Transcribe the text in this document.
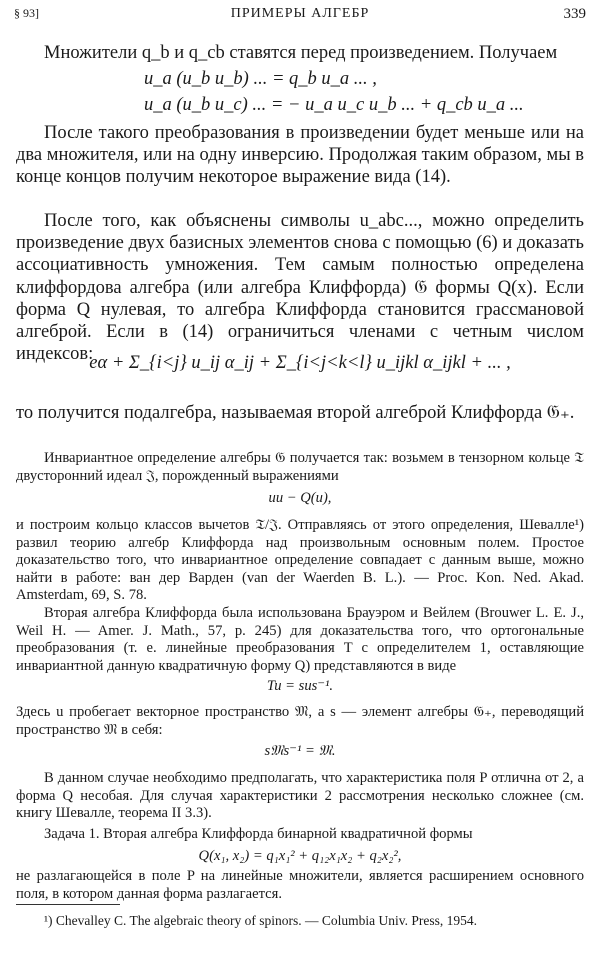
§ 93]	ПРИМЕРЫ АЛГЕБР	339

Множители q_b и q_cb ставятся перед произведением. Получаем

u_a (u_b u_b) ... = q_b u_a ... ,
u_a (u_b u_c) ... = − u_a u_c u_b ... + q_cb u_a ...

После такого преобразования в произведении будет меньше или на два множителя, или на одну инверсию. Продолжая таким образом, мы в конце концов получим некоторое выражение вида (14).

После того, как объяснены символы u_abc..., можно определить произведение двух базисных элементов снова с помощью (6) и доказать ассоциативность умножения. Тем самым полностью определена клиффордова алгебра (или алгебра Клиффорда) 𝔊 формы Q(x). Если форма Q нулевая, то алгебра Клиффорда становится грассмановой алгеброй. Если в (14) ограничиться членами с четным числом индексов:

eα + Σ_{i<j} u_ij α_ij + Σ_{i<j<k<l} u_ijkl α_ijkl + ... ,

то получится подалгебра, называемая второй алгеброй Клиффорда 𝔊₊.

Инвариантное определение алгебры 𝔊 получается так: возьмем в тензорном кольце 𝔗 двусторонний идеал 𝔍, порожденный выражениями

uu − Q(u),

и построим кольцо классов вычетов 𝔗/𝔍. Отправляясь от этого определения, Шевалле¹) развил теорию алгебр Клиффорда над произвольным основным полем. Простое доказательство того, что инвариантное определение совпадает с данным выше, можно найти в работе: ван дер Варден (van der Waerden B. L.). — Proc. Kon. Ned. Akad. Amsterdam, 69, S. 78.

Вторая алгебра Клиффорда была использована Брауэром и Вейлем (Brouwer L. E. J., Weil H. — Amer. J. Math., 57, p. 245) для доказательства того, что ортогональные преобразования (т. е. линейные преобразования T с определителем 1, оставляющие инвариантной данную квадратичную форму Q) представляются в виде

Tu = sus⁻¹.

Здесь u пробегает векторное пространство 𝔐, а s — элемент алгебры 𝔊₊, переводящий пространство 𝔐 в себя:

s𝔐s⁻¹ = 𝔐.

В данном случае необходимо предполагать, что характеристика поля P отлична от 2, а форма Q несобая. Для случая характеристики 2 рассмотрения несколько сложнее (см. книгу Шевалле, теорема II 3.3).

Задача 1. Вторая алгебра Клиффорда бинарной квадратичной формы

Q(x₁, x₂) = q₁x₁² + q₁₂x₁x₂ + q₂x₂²,

не разлагающейся в поле P на линейные множители, является расширением основного поля, в котором данная форма разлагается.

¹) Chevalley C. The algebraic theory of spinors. — Columbia Univ. Press, 1954.
